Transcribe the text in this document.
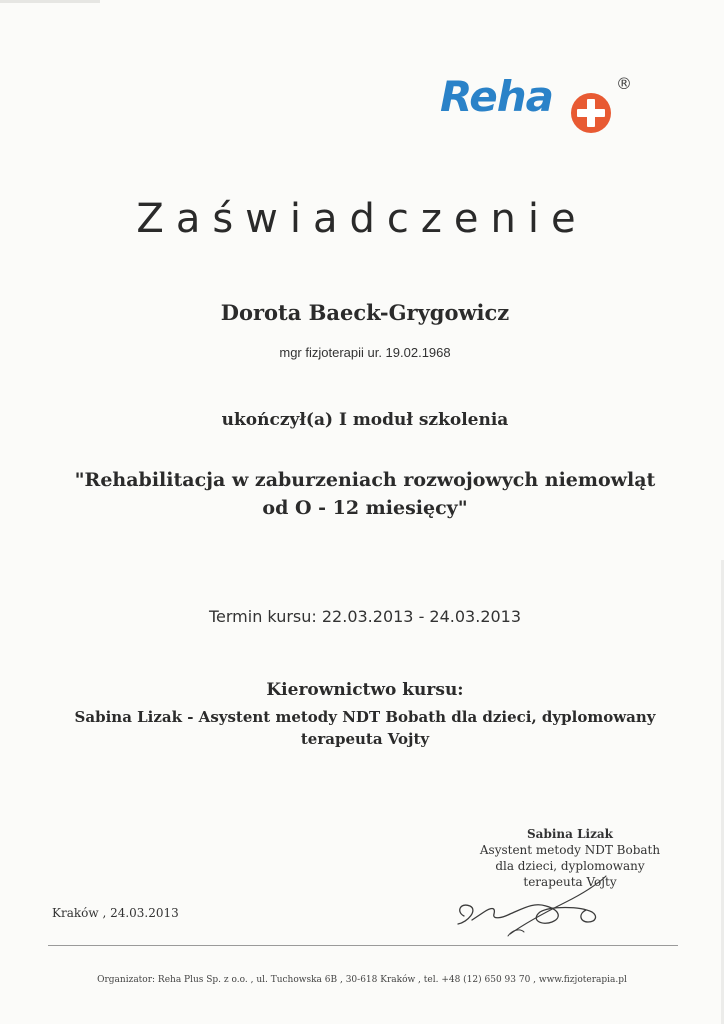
Reha	®
Zaświadczenie
Dorota Baeck-Grygowicz
mgr fizjoterapii ur. 19.02.1968
ukończył(a) I moduł szkolenia
"Rehabilitacja w zaburzeniach rozwojowych niemowląt
od O - 12 miesięcy"
Termin kursu: 22.03.2013 - 24.03.2013
Kierownictwo kursu:
Sabina Lizak - Asystent metody NDT Bobath dla dzieci, dyplomowany
terapeuta Vojty
Sabina Lizak
Asystent metody NDT Bobath
dla dzieci, dyplomowany
terapeuta Vojty
Kraków , 24.03.2013
Organizator: Reha Plus Sp. z o.o. , ul. Tuchowska 6B , 30-618 Kraków , tel. +48 (12) 650 93 70 , www.fizjoterapia.pl
